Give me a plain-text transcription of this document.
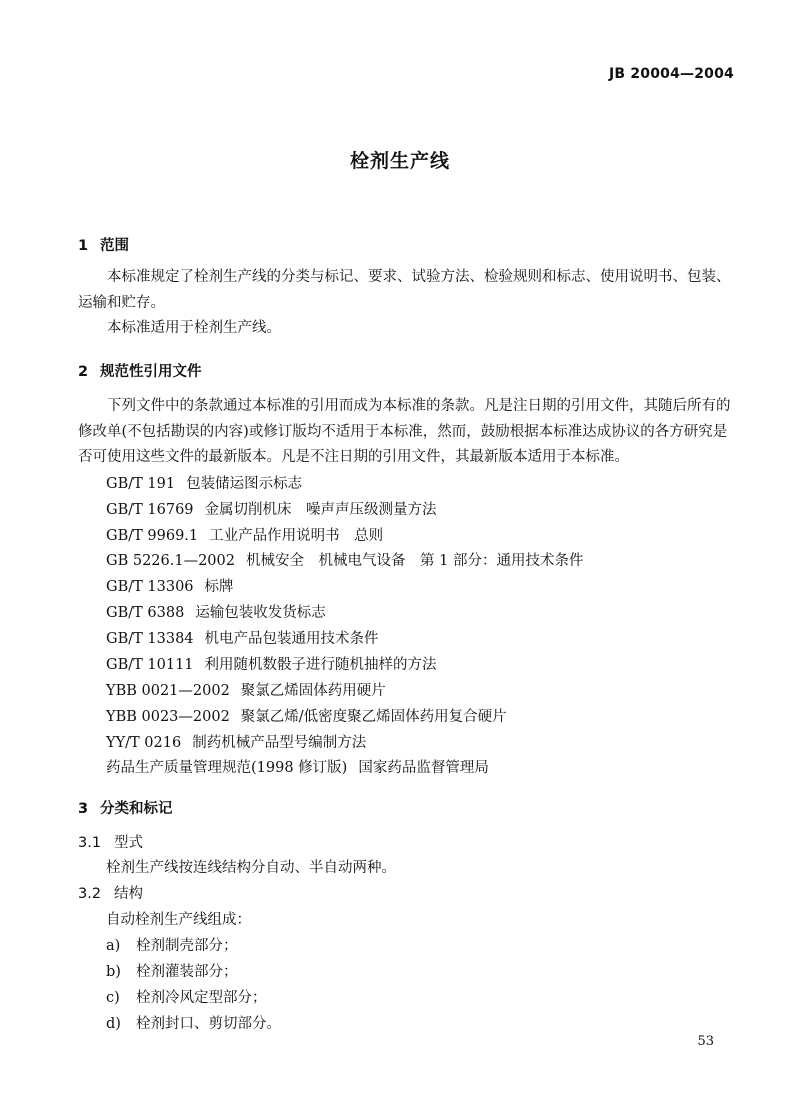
JB 20004—2004
栓剂生产线
1 范围
本标准规定了栓剂生产线的分类与标记、要求、试验方法、检验规则和标志、使用说明书、包装、运输和贮存。
本标准适用于栓剂生产线。
2 规范性引用文件
下列文件中的条款通过本标准的引用而成为本标准的条款。凡是注日期的引用文件，其随后所有的修改单(不包括勘误的内容)或修订版均不适用于本标准，然而，鼓励根据本标准达成协议的各方研究是否可使用这些文件的最新版本。凡是不注日期的引用文件，其最新版本适用于本标准。
GB/T 191 包装储运图示标志
GB/T 16769 金属切削机床　噪声声压级测量方法
GB/T 9969.1 工业产品作用说明书　总则
GB 5226.1—2002 机械安全　机械电气设备　第 1 部分：通用技术条件
GB/T 13306 标牌
GB/T 6388 运输包装收发货标志
GB/T 13384 机电产品包装通用技术条件
GB/T 10111 利用随机数骰子进行随机抽样的方法
YBB 0021—2002 聚氯乙烯固体药用硬片
YBB 0023—2002 聚氯乙烯/低密度聚乙烯固体药用复合硬片
YY/T 0216 制药机械产品型号编制方法
药品生产质量管理规范(1998 修订版) 国家药品监督管理局
3 分类和标记
3.1 型式
栓剂生产线按连线结构分自动、半自动两种。
3.2 结构
自动栓剂生产线组成：
a) 栓剂制壳部分；
b) 栓剂灌装部分；
c) 栓剂冷风定型部分；
d) 栓剂封口、剪切部分。
53
